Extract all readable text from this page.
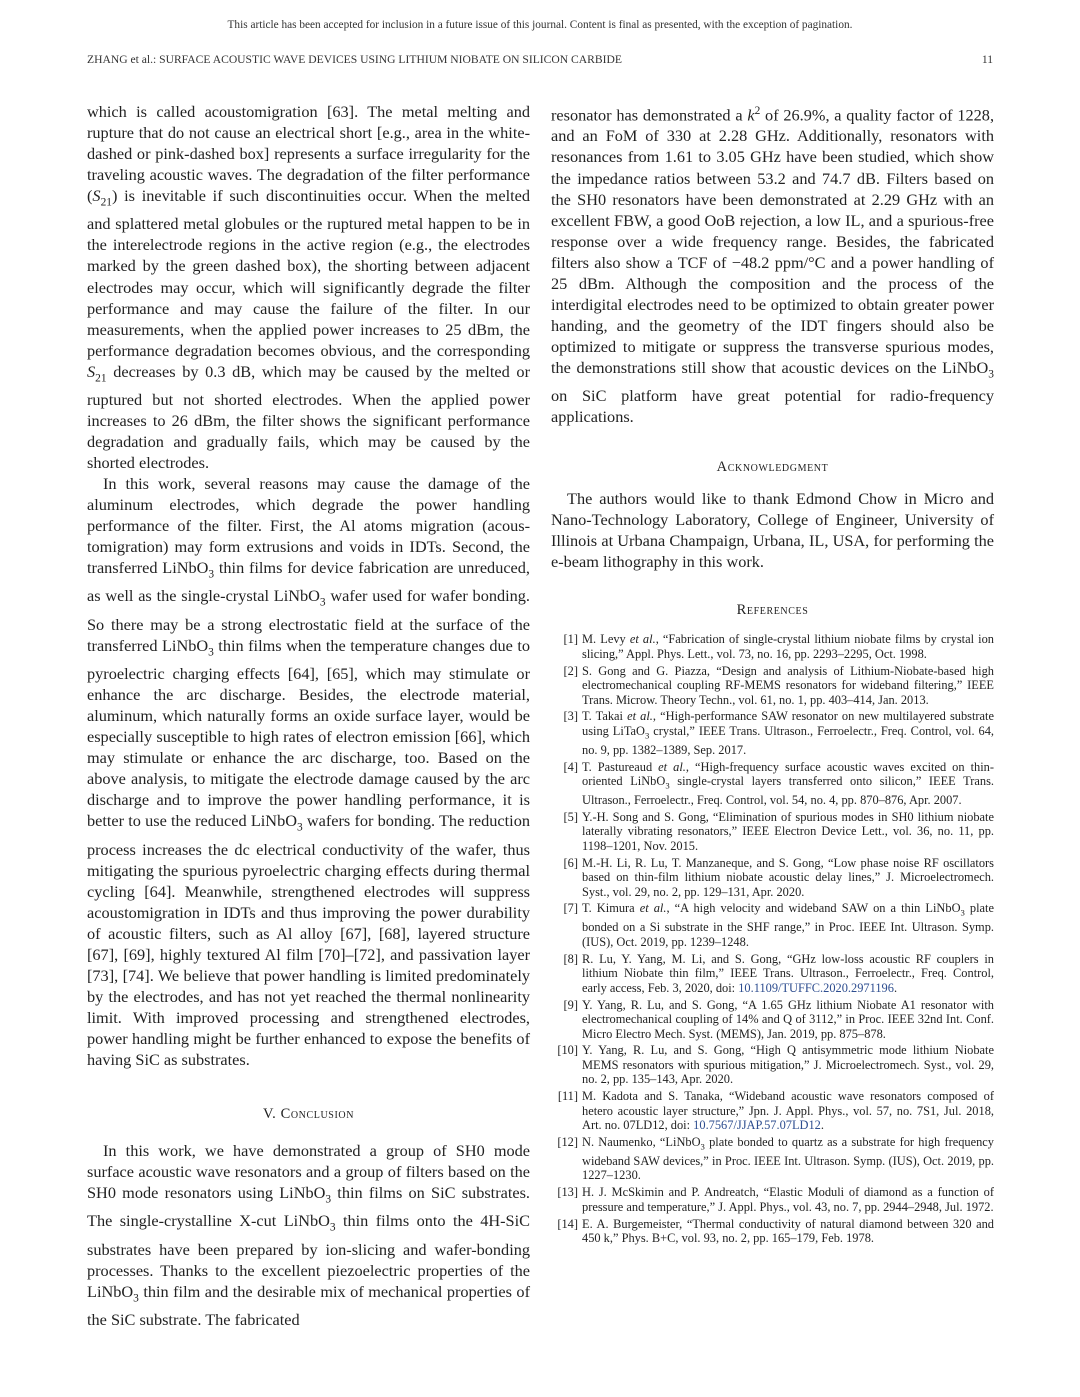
This article has been accepted for inclusion in a future issue of this journal. Content is final as presented, with the exception of pagination.
ZHANG et al.: SURFACE ACOUSTIC WAVE DEVICES USING LITHIUM NIOBATE ON SILICON CARBIDE	11

which is called acoustomigration [63]. The metal melting and rupture that do not cause an electrical short [e.g., area in the white-dashed or pink-dashed box] represents a surface irregularity for the traveling acoustic waves. The degradation of the filter performance $(S_{21})$ is inevitable if such discontinuities occur. When the melted and splattered metal globules or the ruptured metal happen to be in the interelectrode regions in the active region (e.g., the electrodes marked by the green dashed box), the shorting between adjacent electrodes may occur, which will significantly degrade the filter performance and may cause the failure of the filter. In our measurements, when the applied power increases to 25 dBm, the performance degradation becomes obvious, and the corresponding $S_{21}$ decreases by 0.3 dB, which may be caused by the melted or ruptured but not shorted electrodes. When the applied power increases to 26 dBm, the filter shows the significant performance degradation and gradually fails, which may be caused by the shorted electrodes.

In this work, several reasons may cause the damage of the aluminum electrodes, which degrade the power handling performance of the filter. First, the Al atoms migration (acoustomigration) may form extrusions and voids in IDTs. Second, the transferred LiNbO$_3$ thin films for device fabrication are unreduced, as well as the single-crystal LiNbO$_3$ wafer used for wafer bonding. So there may be a strong electrostatic field at the surface of the transferred LiNbO$_3$ thin films when the temperature changes due to pyroelectric charging effects [64], [65], which may stimulate or enhance the arc discharge. Besides, the electrode material, aluminum, which naturally forms an oxide surface layer, would be especially susceptible to high rates of electron emission [66], which may stimulate or enhance the arc discharge, too. Based on the above analysis, to mitigate the electrode damage caused by the arc discharge and to improve the power handling performance, it is better to use the reduced LiNbO$_3$ wafers for bonding. The reduction process increases the dc electrical conductivity of the wafer, thus mitigating the spurious pyroelectric charging effects during thermal cycling [64]. Meanwhile, strengthened electrodes will suppress acoustomigration in IDTs and thus improving the power durability of acoustic filters, such as Al alloy [67], [68], layered structure [67], [69], highly textured Al film [70]–[72], and passivation layer [73], [74]. We believe that power handling is limited predominately by the electrodes, and has not yet reached the thermal nonlinearity limit. With improved processing and strengthened electrodes, power handling might be further enhanced to expose the benefits of having SiC as substrates.

V. Conclusion

In this work, we have demonstrated a group of SH0 mode surface acoustic wave resonators and a group of filters based on the SH0 mode resonators using LiNbO$_3$ thin films on SiC substrates. The single-crystalline X-cut LiNbO$_3$ thin films onto the 4H-SiC substrates have been prepared by ion-slicing and wafer-bonding processes. Thanks to the excellent piezoelectric properties of the LiNbO$_3$ thin film and the desirable mix of mechanical properties of the SiC substrate. The fabricated

resonator has demonstrated a $k^2$ of 26.9%, a quality factor of 1228, and an FoM of 330 at 2.28 GHz. Additionally, resonators with resonances from 1.61 to 3.05 GHz have been studied, which show the impedance ratios between 53.2 and 74.7 dB. Filters based on the SH0 resonators have been demonstrated at 2.29 GHz with an excellent FBW, a good OoB rejection, a low IL, and a spurious-free response over a wide frequency range. Besides, the fabricated filters also show a TCF of −48.2 ppm/°C and a power handling of 25 dBm. Although the composition and the process of the interdigital electrodes need to be optimized to obtain greater power handing, and the geometry of the IDT fingers should also be optimized to mitigate or suppress the transverse spurious modes, the demonstrations still show that acoustic devices on the LiNbO$_3$ on SiC platform have great potential for radio-frequency applications.

Acknowledgment

The authors would like to thank Edmond Chow in Micro and Nano-Technology Laboratory, College of Engineer, University of Illinois at Urbana Champaign, Urbana, IL, USA, for performing the e-beam lithography in this work.

References
[1] M. Levy et al., “Fabrication of single-crystal lithium niobate films by crystal ion slicing,” Appl. Phys. Lett., vol. 73, no. 16, pp. 2293–2295, Oct. 1998.
[2] S. Gong and G. Piazza, “Design and analysis of Lithium-Niobate-based high electromechanical coupling RF-MEMS resonators for wideband filtering,” IEEE Trans. Microw. Theory Techn., vol. 61, no. 1, pp. 403–414, Jan. 2013.
[3] T. Takai et al., “High-performance SAW resonator on new multilayered substrate using LiTaO$_3$ crystal,” IEEE Trans. Ultrason., Ferroelectr., Freq. Control, vol. 64, no. 9, pp. 1382–1389, Sep. 2017.
[4] T. Pastureaud et al., “High-frequency surface acoustic waves excited on thin-oriented LiNbO$_3$ single-crystal layers transferred onto silicon,” IEEE Trans. Ultrason., Ferroelectr., Freq. Control, vol. 54, no. 4, pp. 870–876, Apr. 2007.
[5] Y.-H. Song and S. Gong, “Elimination of spurious modes in SH0 lithium niobate laterally vibrating resonators,” IEEE Electron Device Lett., vol. 36, no. 11, pp. 1198–1201, Nov. 2015.
[6] M.-H. Li, R. Lu, T. Manzaneque, and S. Gong, “Low phase noise RF oscillators based on thin-film lithium niobate acoustic delay lines,” J. Microelectromech. Syst., vol. 29, no. 2, pp. 129–131, Apr. 2020.
[7] T. Kimura et al., “A high velocity and wideband SAW on a thin LiNbO$_3$ plate bonded on a Si substrate in the SHF range,” in Proc. IEEE Int. Ultrason. Symp. (IUS), Oct. 2019, pp. 1239–1248.
[8] R. Lu, Y. Yang, M. Li, and S. Gong, “GHz low-loss acoustic RF couplers in lithium Niobate thin film,” IEEE Trans. Ultrason., Ferroelectr., Freq. Control, early access, Feb. 3, 2020, doi: 10.1109/TUFFC.2020.2971196.
[9] Y. Yang, R. Lu, and S. Gong, “A 1.65 GHz lithium Niobate A1 resonator with electromechanical coupling of 14% and Q of 3112,” in Proc. IEEE 32nd Int. Conf. Micro Electro Mech. Syst. (MEMS), Jan. 2019, pp. 875–878.
[10] Y. Yang, R. Lu, and S. Gong, “High Q antisymmetric mode lithium Niobate MEMS resonators with spurious mitigation,” J. Microelectromech. Syst., vol. 29, no. 2, pp. 135–143, Apr. 2020.
[11] M. Kadota and S. Tanaka, “Wideband acoustic wave resonators composed of hetero acoustic layer structure,” Jpn. J. Appl. Phys., vol. 57, no. 7S1, Jul. 2018, Art. no. 07LD12, doi: 10.7567/JJAP.57.07LD12.
[12] N. Naumenko, “LiNbO$_3$ plate bonded to quartz as a substrate for high frequency wideband SAW devices,” in Proc. IEEE Int. Ultrason. Symp. (IUS), Oct. 2019, pp. 1227–1230.
[13] H. J. McSkimin and P. Andreatch, “Elastic Moduli of diamond as a function of pressure and temperature,” J. Appl. Phys., vol. 43, no. 7, pp. 2944–2948, Jul. 1972.
[14] E. A. Burgemeister, “Thermal conductivity of natural diamond between 320 and 450 k,” Phys. B+C, vol. 93, no. 2, pp. 165–179, Feb. 1978.
